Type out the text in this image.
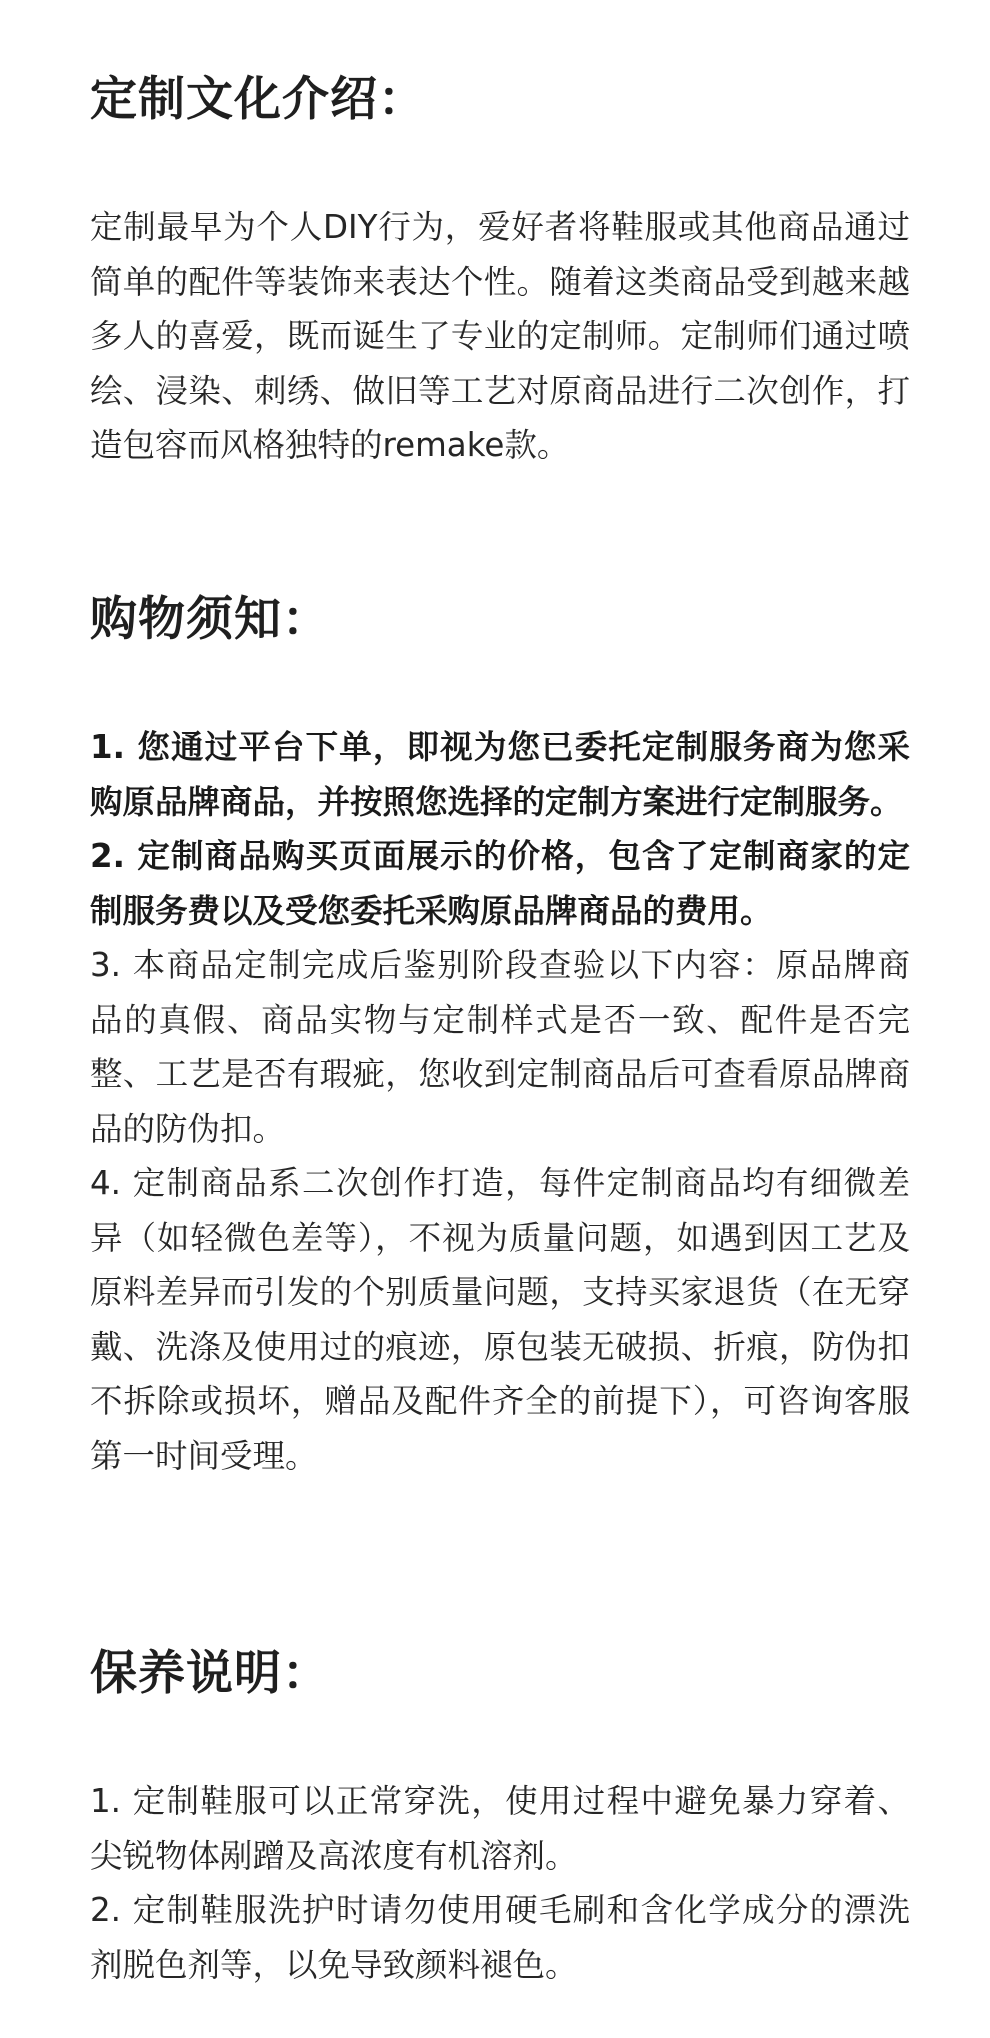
定制文化介绍：

定制最早为个人DIY行为，爱好者将鞋服或其他商品通过简单的配件等装饰来表达个性。随着这类商品受到越来越多人的喜爱，既而诞生了专业的定制师。定制师们通过喷绘、浸染、刺绣、做旧等工艺对原商品进行二次创作，打造包容而风格独特的remake款。

购物须知：

1. 您通过平台下单，即视为您已委托定制服务商为您采购原品牌商品，并按照您选择的定制方案进行定制服务。

2. 定制商品购买页面展示的价格，包含了定制商家的定制服务费以及受您委托采购原品牌商品的费用。

3. 本商品定制完成后鉴别阶段查验以下内容：原品牌商品的真假、商品实物与定制样式是否一致、配件是否完整、工艺是否有瑕疵，您收到定制商品后可查看原品牌商品的防伪扣。

4. 定制商品系二次创作打造，每件定制商品均有细微差异（如轻微色差等），不视为质量问题，如遇到因工艺及原料差异而引发的个别质量问题，支持买家退货（在无穿戴、洗涤及使用过的痕迹，原包装无破损、折痕，防伪扣不拆除或损坏，赠品及配件齐全的前提下），可咨询客服第一时间受理。

保养说明：

1. 定制鞋服可以正常穿洗，使用过程中避免暴力穿着、尖锐物体剐蹭及高浓度有机溶剂。

2. 定制鞋服洗护时请勿使用硬毛刷和含化学成分的漂洗剂脱色剂等，以免导致颜料褪色。
